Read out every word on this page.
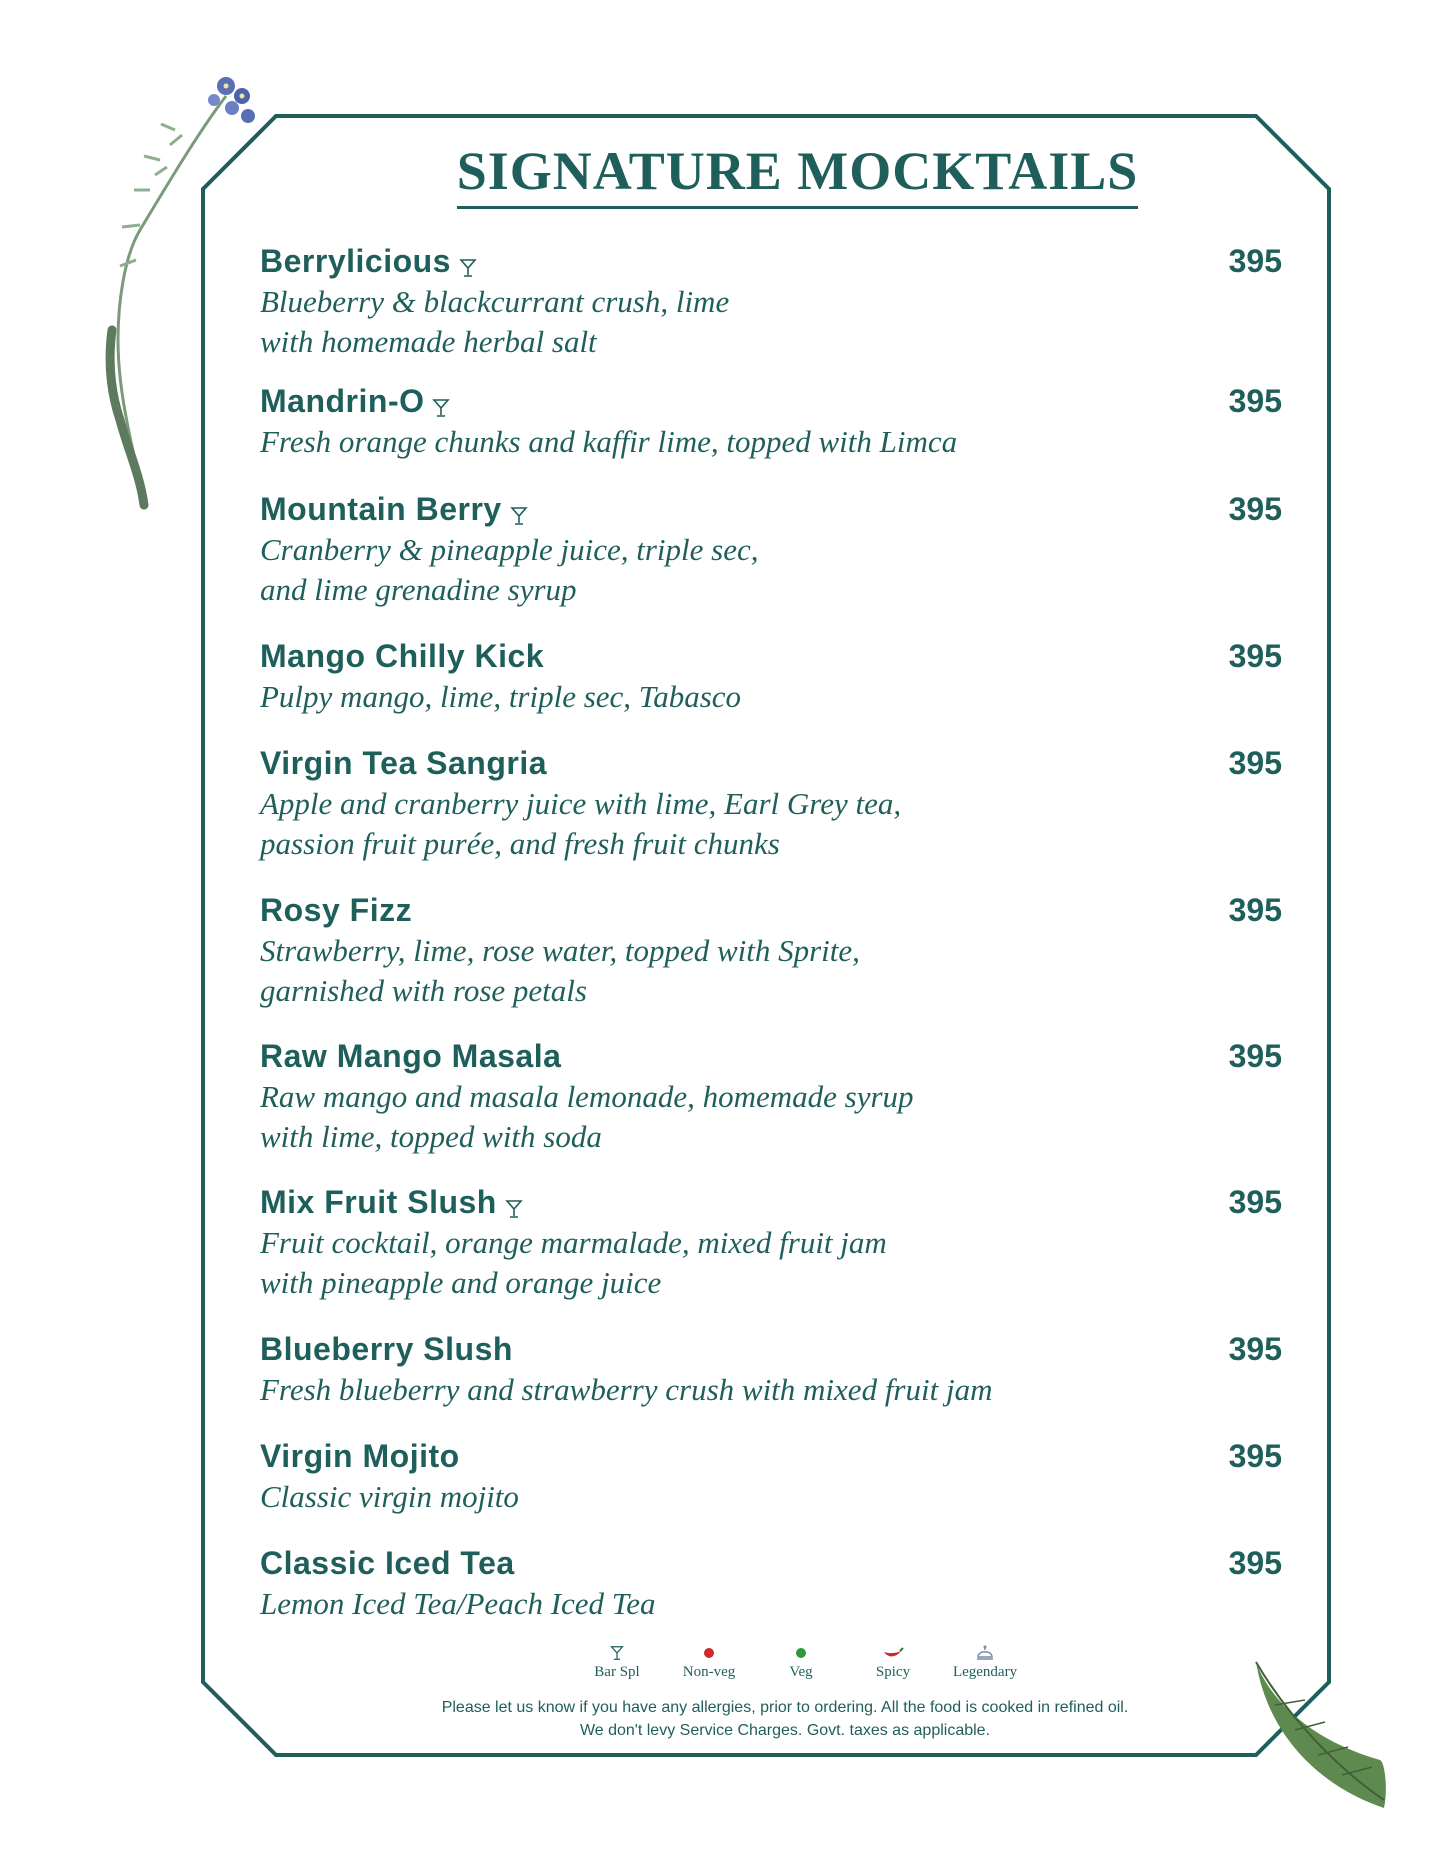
SIGNATURE MOCKTAILS
Berrylicious	395
Blueberry & blackcurrant crush, lime
with homemade herbal salt
Mandrin-O	395
Fresh orange chunks and kaffir lime, topped with Limca
Mountain Berry	395
Cranberry & pineapple juice, triple sec,
and lime grenadine syrup
Mango Chilly Kick	395
Pulpy mango, lime, triple sec, Tabasco
Virgin Tea Sangria	395
Apple and cranberry juice with lime, Earl Grey tea,
passion fruit purée, and fresh fruit chunks
Rosy Fizz	395
Strawberry, lime, rose water, topped with Sprite,
garnished with rose petals
Raw Mango Masala	395
Raw mango and masala lemonade, homemade syrup
with lime, topped with soda
Mix Fruit Slush	395
Fruit cocktail, orange marmalade, mixed fruit jam
with pineapple and orange juice
Blueberry Slush	395
Fresh blueberry and strawberry crush with mixed fruit jam
Virgin Mojito	395
Classic virgin mojito
Classic Iced Tea	395
Lemon Iced Tea/Peach Iced Tea
Bar Spl	Non-veg	Veg	Spicy	Legendary
Please let us know if you have any allergies, prior to ordering. All the food is cooked in refined oil.
We don't levy Service Charges. Govt. taxes as applicable.
